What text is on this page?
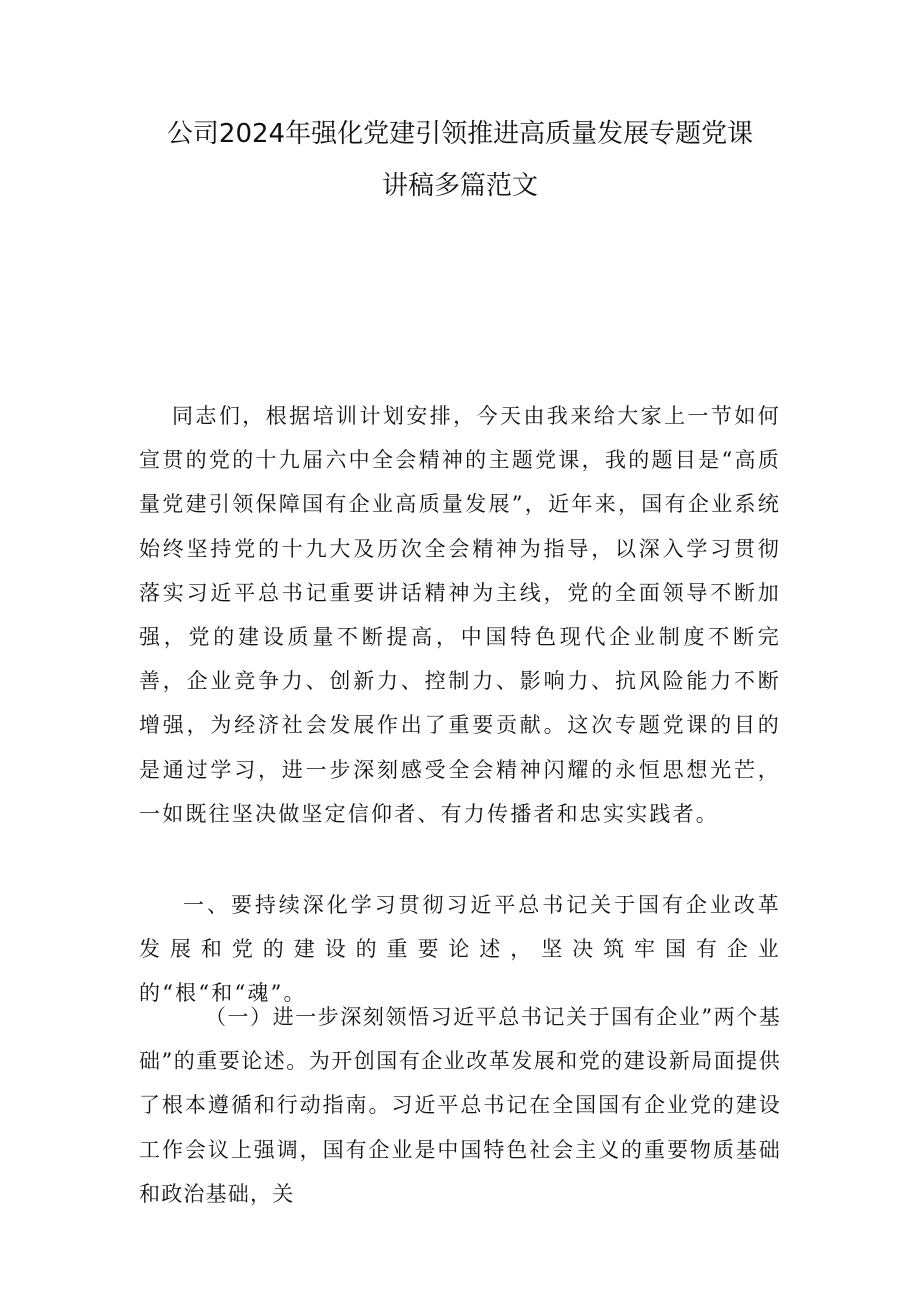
公司2024年强化党建引领推进高质量发展专题党课
讲稿多篇范文
同志们，根据培训计划安排，今天由我来给大家上一节如何宣贯的党的十九届六中全会精神的主题党课，我的题目是“高质量党建引领保障国有企业高质量发展”，近年来，国有企业系统始终坚持党的十九大及历次全会精神为指导，以深入学习贯彻落实习近平总书记重要讲话精神为主线，党的全面领导不断加强，党的建设质量不断提高，中国特色现代企业制度不断完善，企业竞争力、创新力、控制力、影响力、抗风险能力不断增强，为经济社会发展作出了重要贡献。这次专题党课的目的是通过学习，进一步深刻感受全会精神闪耀的永恒思想光芒，一如既往坚决做坚定信仰者、有力传播者和忠实实践者。
一、要持续深化学习贯彻习近平总书记关于国有企业改革发展和党的建设的重要论述，坚决筑牢国有企业的“根“和“魂”。
（一）进一步深刻领悟习近平总书记关于国有企业”两个基础”的重要论述。为开创国有企业改革发展和党的建设新局面提供了根本遵循和行动指南。习近平总书记在全国国有企业党的建设工作会议上强调，国有企业是中国特色社会主义的重要物质基础和政治基础，关
